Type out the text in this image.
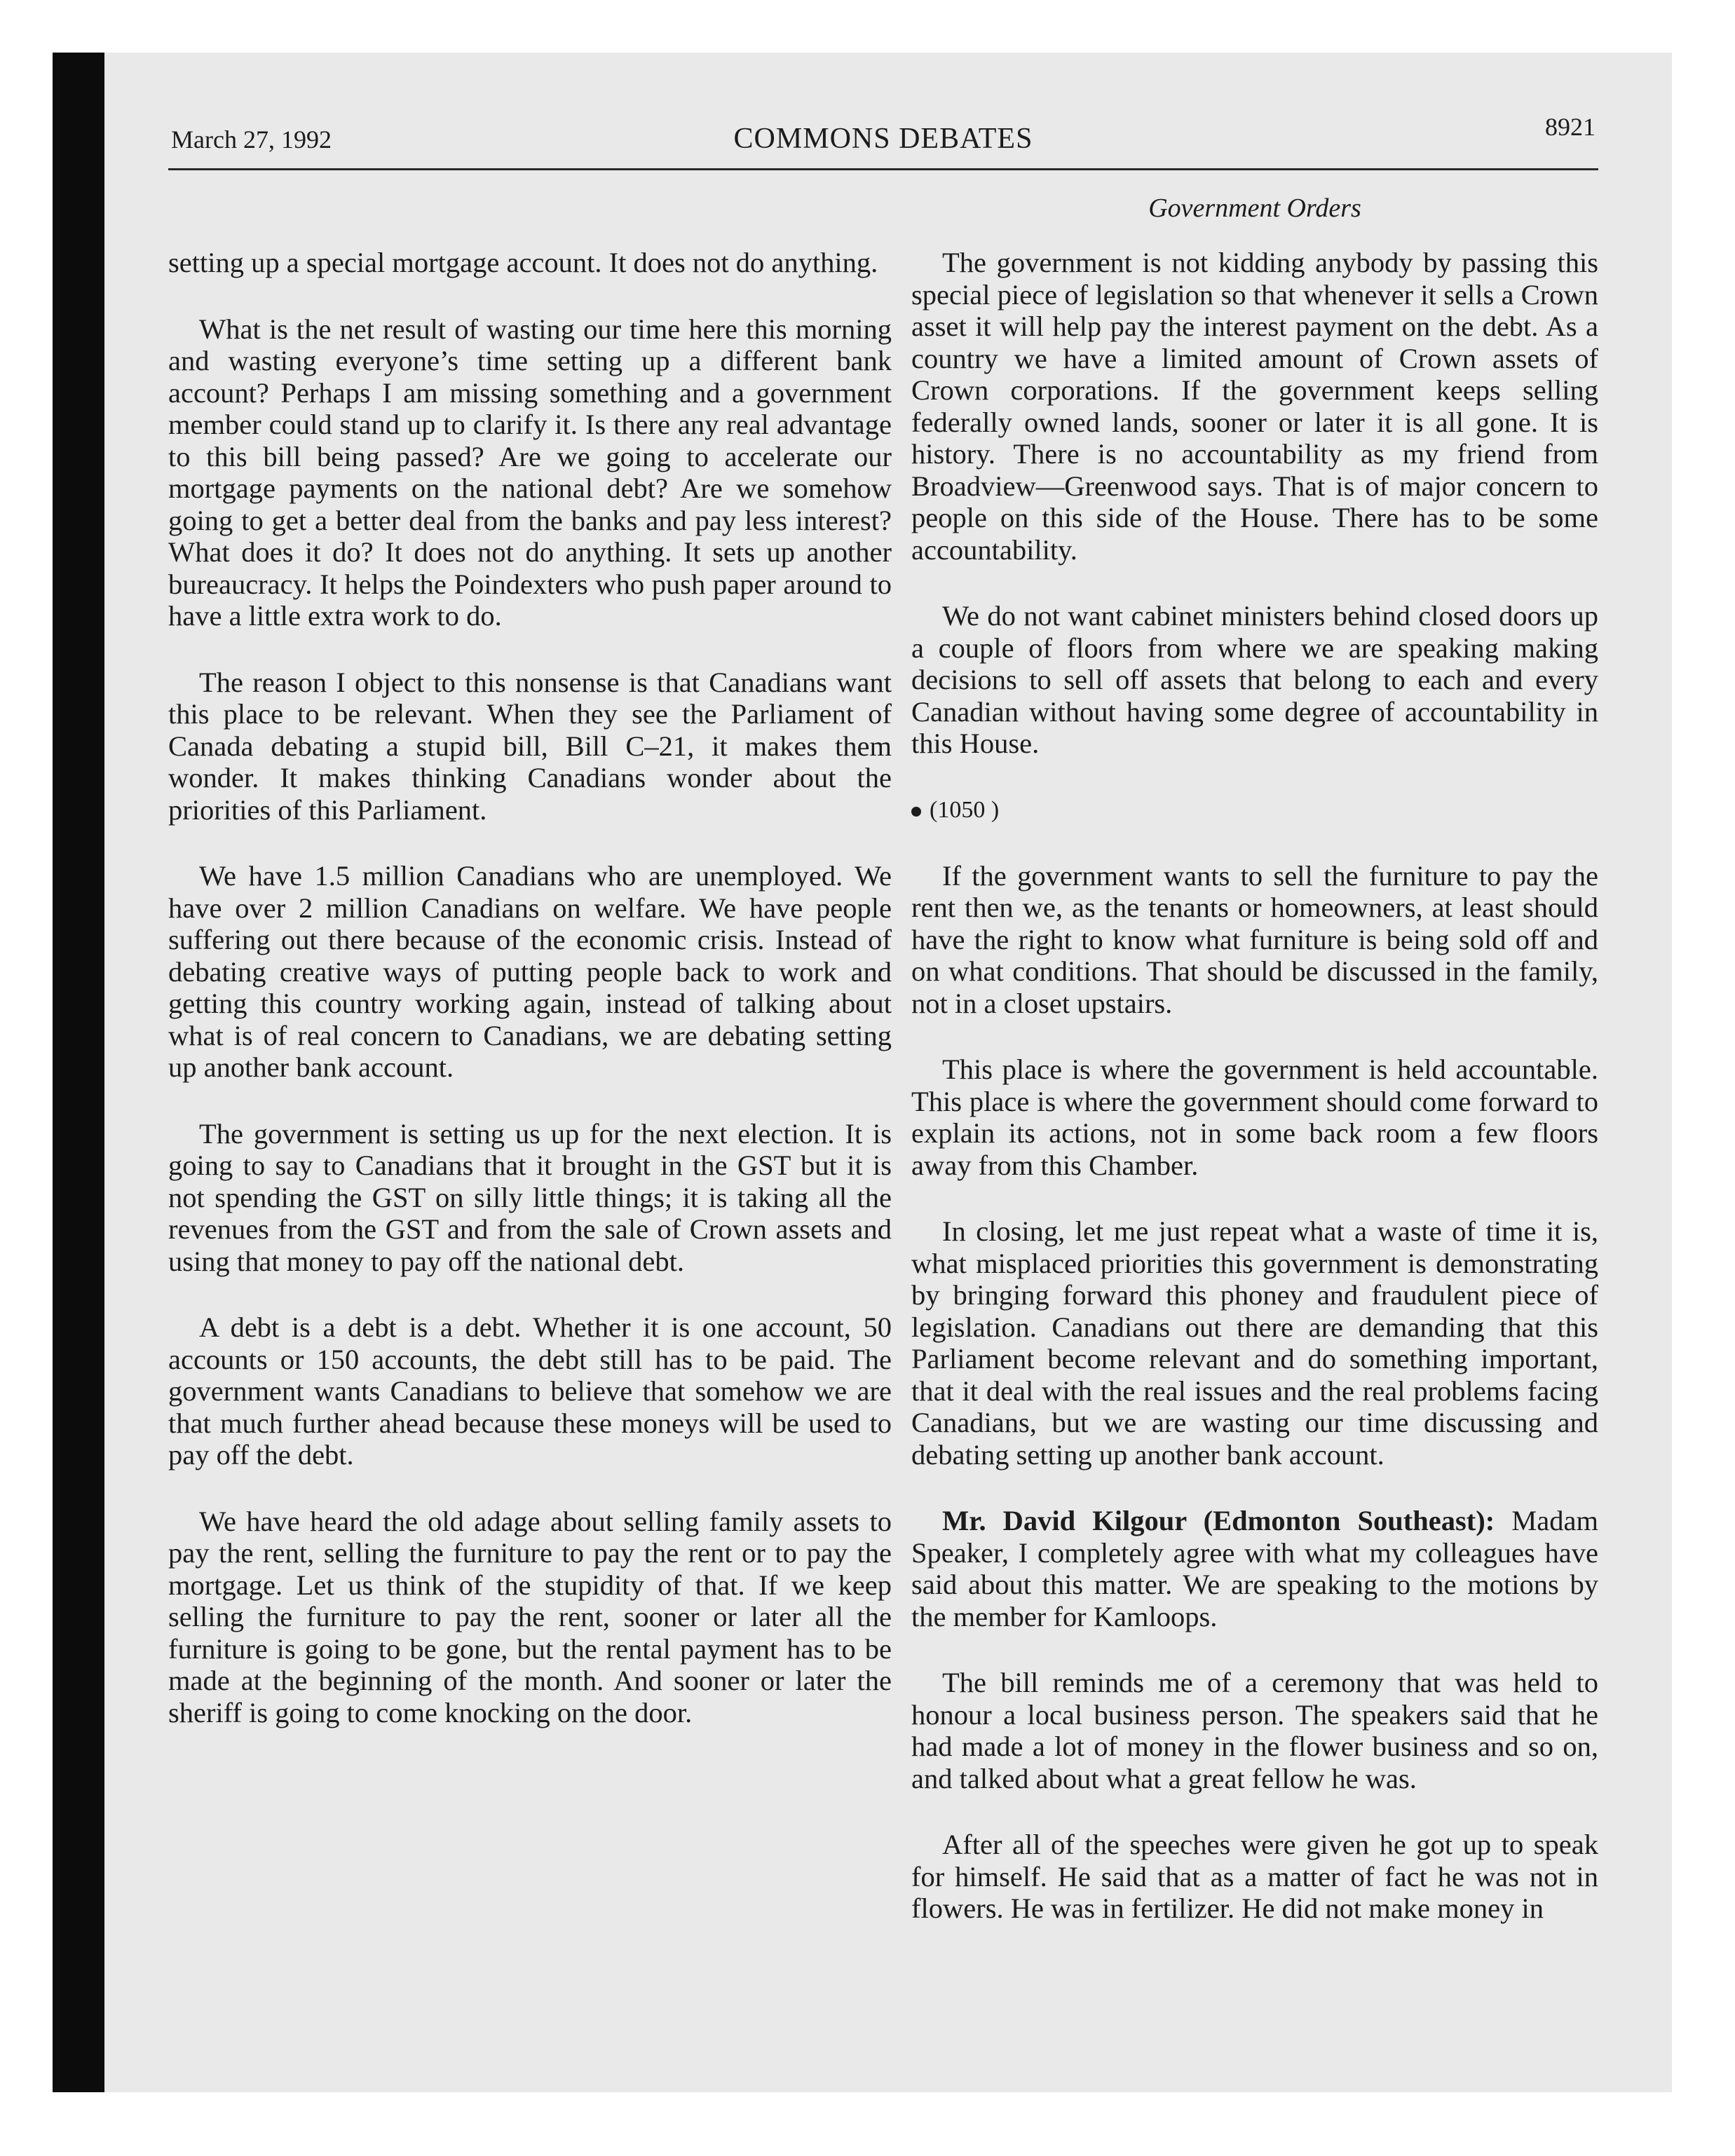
March 27, 1992	COMMONS DEBATES	8921
Government Orders

setting up a special mortgage account. It does not do anything.

What is the net result of wasting our time here this morning and wasting everyone’s time setting up a different bank account? Perhaps I am missing something and a government member could stand up to clarify it. Is there any real advantage to this bill being passed? Are we going to accelerate our mortgage payments on the national debt? Are we somehow going to get a better deal from the banks and pay less interest? What does it do? It does not do anything. It sets up another bureaucracy. It helps the Poindexters who push paper around to have a little extra work to do.

The reason I object to this nonsense is that Canadians want this place to be relevant. When they see the Parliament of Canada debating a stupid bill, Bill C–21, it makes them wonder. It makes thinking Canadians wonder about the priorities of this Parliament.

We have 1.5 million Canadians who are unemployed. We have over 2 million Canadians on welfare. We have people suffering out there because of the economic crisis. Instead of debating creative ways of putting people back to work and getting this country working again, instead of talking about what is of real concern to Canadians, we are debating setting up another bank account.

The government is setting us up for the next election. It is going to say to Canadians that it brought in the GST but it is not spending the GST on silly little things; it is taking all the revenues from the GST and from the sale of Crown assets and using that money to pay off the national debt.

A debt is a debt is a debt. Whether it is one account, 50 accounts or 150 accounts, the debt still has to be paid. The government wants Canadians to believe that somehow we are that much further ahead because these moneys will be used to pay off the debt.

We have heard the old adage about selling family assets to pay the rent, selling the furniture to pay the rent or to pay the mortgage. Let us think of the stupidity of that. If we keep selling the furniture to pay the rent, sooner or later all the furniture is going to be gone, but the rental payment has to be made at the beginning of the month. And sooner or later the sheriff is going to come knocking on the door.

The government is not kidding anybody by passing this special piece of legislation so that whenever it sells a Crown asset it will help pay the interest payment on the debt. As a country we have a limited amount of Crown assets of Crown corporations. If the government keeps selling federally owned lands, sooner or later it is all gone. It is history. There is no accountability as my friend from Broadview—Greenwood says. That is of major concern to people on this side of the House. There has to be some accountability.

We do not want cabinet ministers behind closed doors up a couple of floors from where we are speaking making decisions to sell off assets that belong to each and every Canadian without having some degree of accountability in this House.

(1050 )

If the government wants to sell the furniture to pay the rent then we, as the tenants or homeowners, at least should have the right to know what furniture is being sold off and on what conditions. That should be discussed in the family, not in a closet upstairs.

This place is where the government is held accountable. This place is where the government should come forward to explain its actions, not in some back room a few floors away from this Chamber.

In closing, let me just repeat what a waste of time it is, what misplaced priorities this government is demonstrating by bringing forward this phoney and fraudulent piece of legislation. Canadians out there are demanding that this Parliament become relevant and do something important, that it deal with the real issues and the real problems facing Canadians, but we are wasting our time discussing and debating setting up another bank account.

Mr. David Kilgour (Edmonton Southeast): Madam Speaker, I completely agree with what my colleagues have said about this matter. We are speaking to the motions by the member for Kamloops.

The bill reminds me of a ceremony that was held to honour a local business person. The speakers said that he had made a lot of money in the flower business and so on, and talked about what a great fellow he was.

After all of the speeches were given he got up to speak for himself. He said that as a matter of fact he was not in flowers. He was in fertilizer. He did not make money in
